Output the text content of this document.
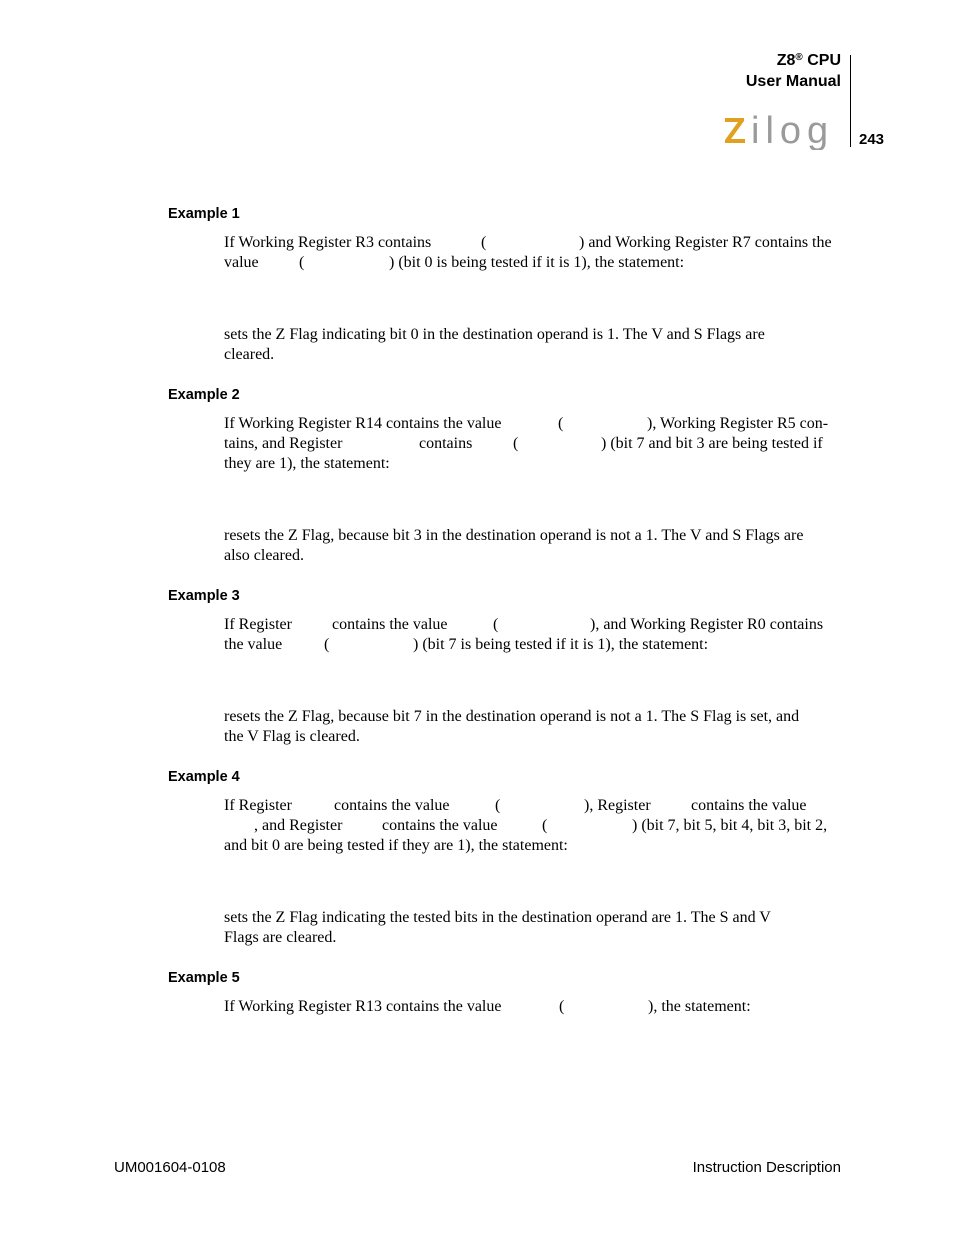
Z8® CPU
User Manual
243
ilog
Example 1
If Working Register R3 contains	(	) and Working Register R7 contains the
value	(	) (bit 0 is being tested if it is 1), the statement:
sets the Z Flag indicating bit 0 in the destination operand is 1. The V and S Flags are
cleared.
Example 2
If Working Register R14 contains the value	(	), Working Register R5 con-
tains , and Register	contains	(	) (bit 7 and bit 3 are being tested if
they are 1), the statement:
resets the Z Flag, because bit 3 in the destination operand is not a 1. The V and S Flags are
also cleared.
Example 3
If Register	contains the value	(	), and Working Register R0 contains
the value	(	) (bit 7 is being tested if it is 1), the statement:
resets the Z Flag, because bit 7 in the destination operand is not a 1. The S Flag is set, and
the V Flag is cleared.
Example 4
If Register	contains the value	(	), Register	contains the value
, and Register contains the value	(	) (bit 7, bit 5, bit 4, bit 3, bit 2,
and bit 0 are being tested if they are 1), the statement:
sets the Z Flag indicating the tested bits in the destination operand are 1. The S and V
Flags are cleared.
Example 5
If Working Register R13 contains the value	(	), the statement:
UM001604-0108	Instruction Description
